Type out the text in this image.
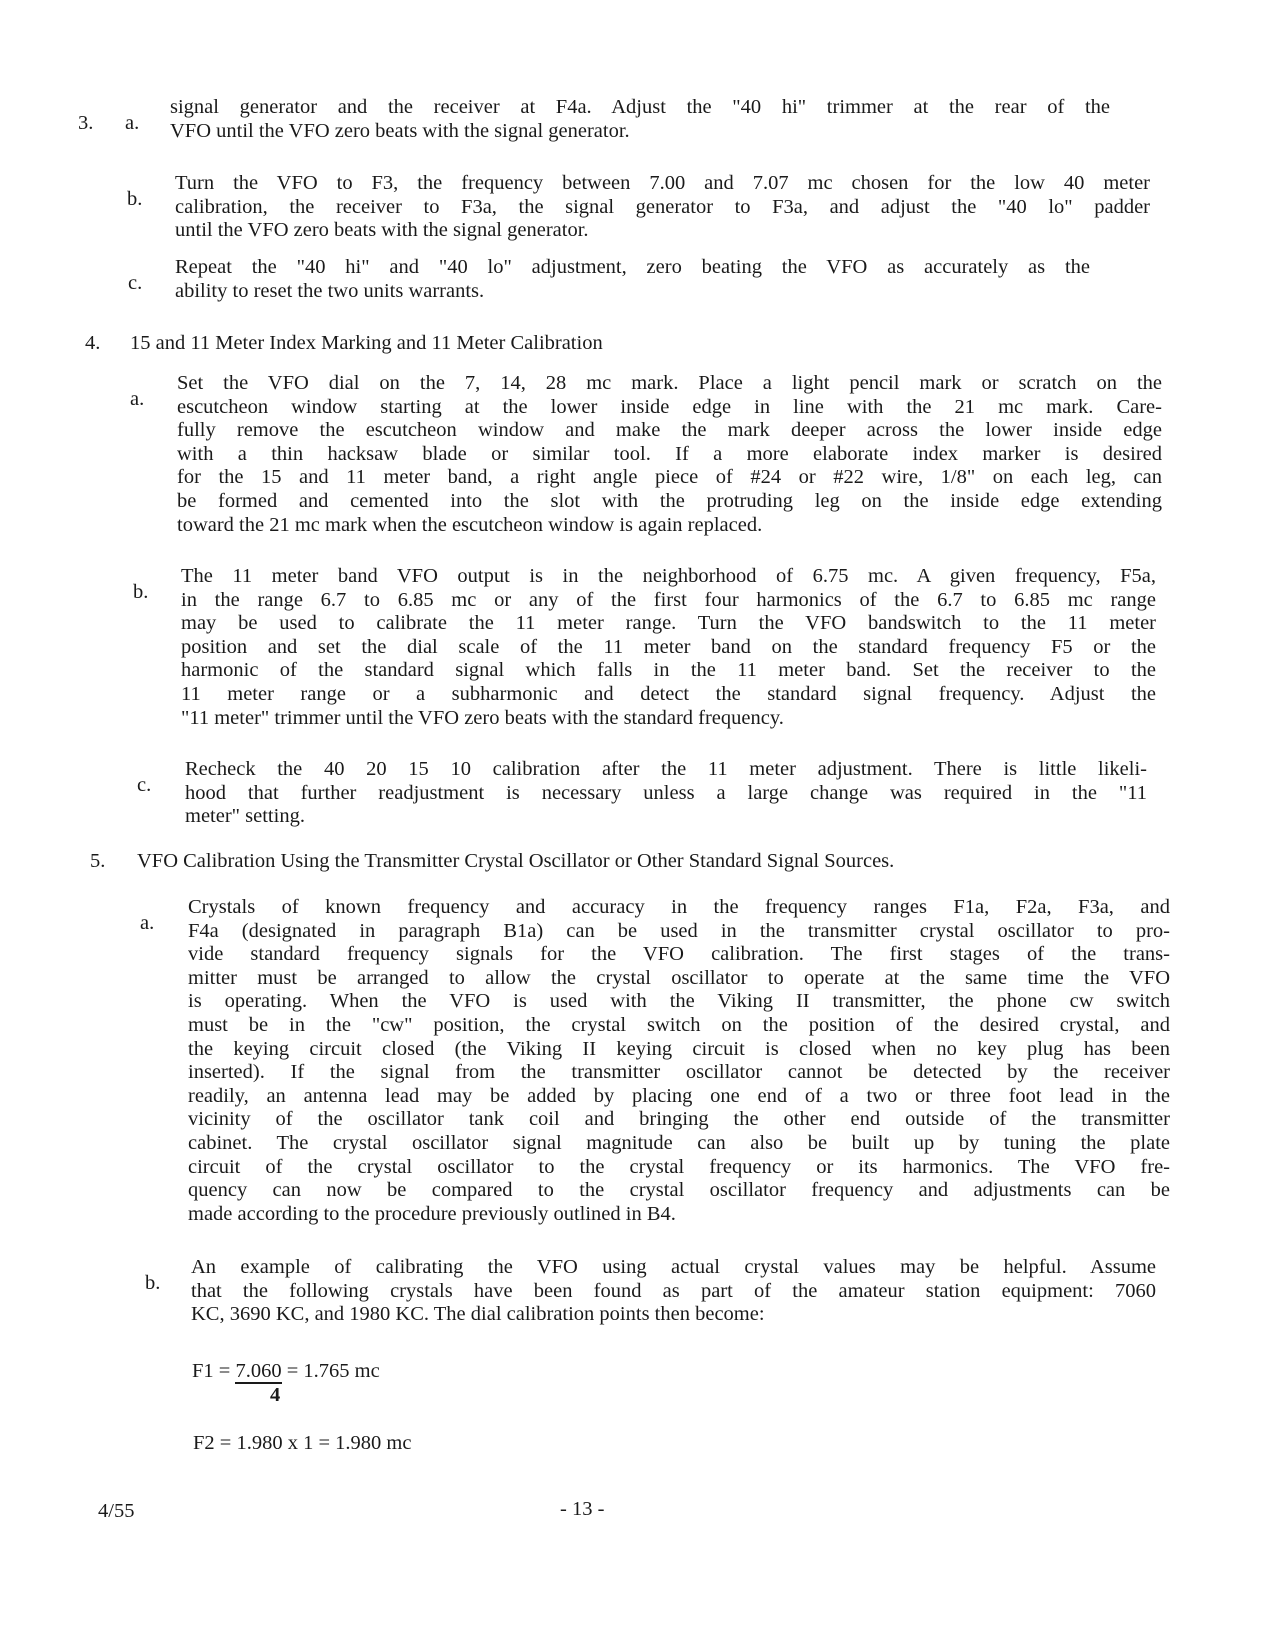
3. a.
signal generator and the receiver at F4a. Adjust the "40 hi" trimmer at the rear of the
VFO until the VFO zero beats with the signal generator.
b.
Turn the VFO to F3, the frequency between 7.00 and 7.07 mc chosen for the low 40 meter
calibration, the receiver to F3a, the signal generator to F3a, and adjust the "40 lo" padder
until the VFO zero beats with the signal generator.
c.
Repeat the "40 hi" and "40 lo" adjustment, zero beating the VFO as accurately as the
ability to reset the two units warrants.
4. 15 and 11 Meter Index Marking and 11 Meter Calibration
a.
Set the VFO dial on the 7, 14, 28 mc mark. Place a light pencil mark or scratch on the
escutcheon window starting at the lower inside edge in line with the 21 mc mark. Care-
fully remove the escutcheon window and make the mark deeper across the lower inside edge
with a thin hacksaw blade or similar tool. If a more elaborate index marker is desired
for the 15 and 11 meter band, a right angle piece of #24 or #22 wire, 1/8" on each leg, can
be formed and cemented into the slot with the protruding leg on the inside edge extending
toward the 21 mc mark when the escutcheon window is again replaced.
b.
The 11 meter band VFO output is in the neighborhood of 6.75 mc. A given frequency, F5a,
in the range 6.7 to 6.85 mc or any of the first four harmonics of the 6.7 to 6.85 mc range
may be used to calibrate the 11 meter range. Turn the VFO bandswitch to the 11 meter
position and set the dial scale of the 11 meter band on the standard frequency F5 or the
harmonic of the standard signal which falls in the 11 meter band. Set the receiver to the
11 meter range or a subharmonic and detect the standard signal frequency. Adjust the
"11 meter" trimmer until the VFO zero beats with the standard frequency.
c.
Recheck the 40 20 15 10 calibration after the 11 meter adjustment. There is little likeli-
hood that further readjustment is necessary unless a large change was required in the "11
meter" setting.
5. VFO Calibration Using the Transmitter Crystal Oscillator or Other Standard Signal Sources.
a.
Crystals of known frequency and accuracy in the frequency ranges F1a, F2a, F3a, and
F4a (designated in paragraph B1a) can be used in the transmitter crystal oscillator to pro-
vide standard frequency signals for the VFO calibration. The first stages of the trans-
mitter must be arranged to allow the crystal oscillator to operate at the same time the VFO
is operating. When the VFO is used with the Viking II transmitter, the phone cw switch
must be in the "cw" position, the crystal switch on the position of the desired crystal, and
the keying circuit closed (the Viking II keying circuit is closed when no key plug has been
inserted). If the signal from the transmitter oscillator cannot be detected by the receiver
readily, an antenna lead may be added by placing one end of a two or three foot lead in the
vicinity of the oscillator tank coil and bringing the other end outside of the transmitter
cabinet. The crystal oscillator signal magnitude can also be built up by tuning the plate
circuit of the crystal oscillator to the crystal frequency or its harmonics. The VFO fre-
quency can now be compared to the crystal oscillator frequency and adjustments can be
made according to the procedure previously outlined in B4.
b.
An example of calibrating the VFO using actual crystal values may be helpful. Assume
that the following crystals have been found as part of the amateur station equipment: 7060
KC, 3690 KC, and 1980 KC. The dial calibration points then become:
F1 = 7.060 = 1.765 mc
4
F2 = 1.980 x 1 = 1.980 mc
4/55	- 13 -
